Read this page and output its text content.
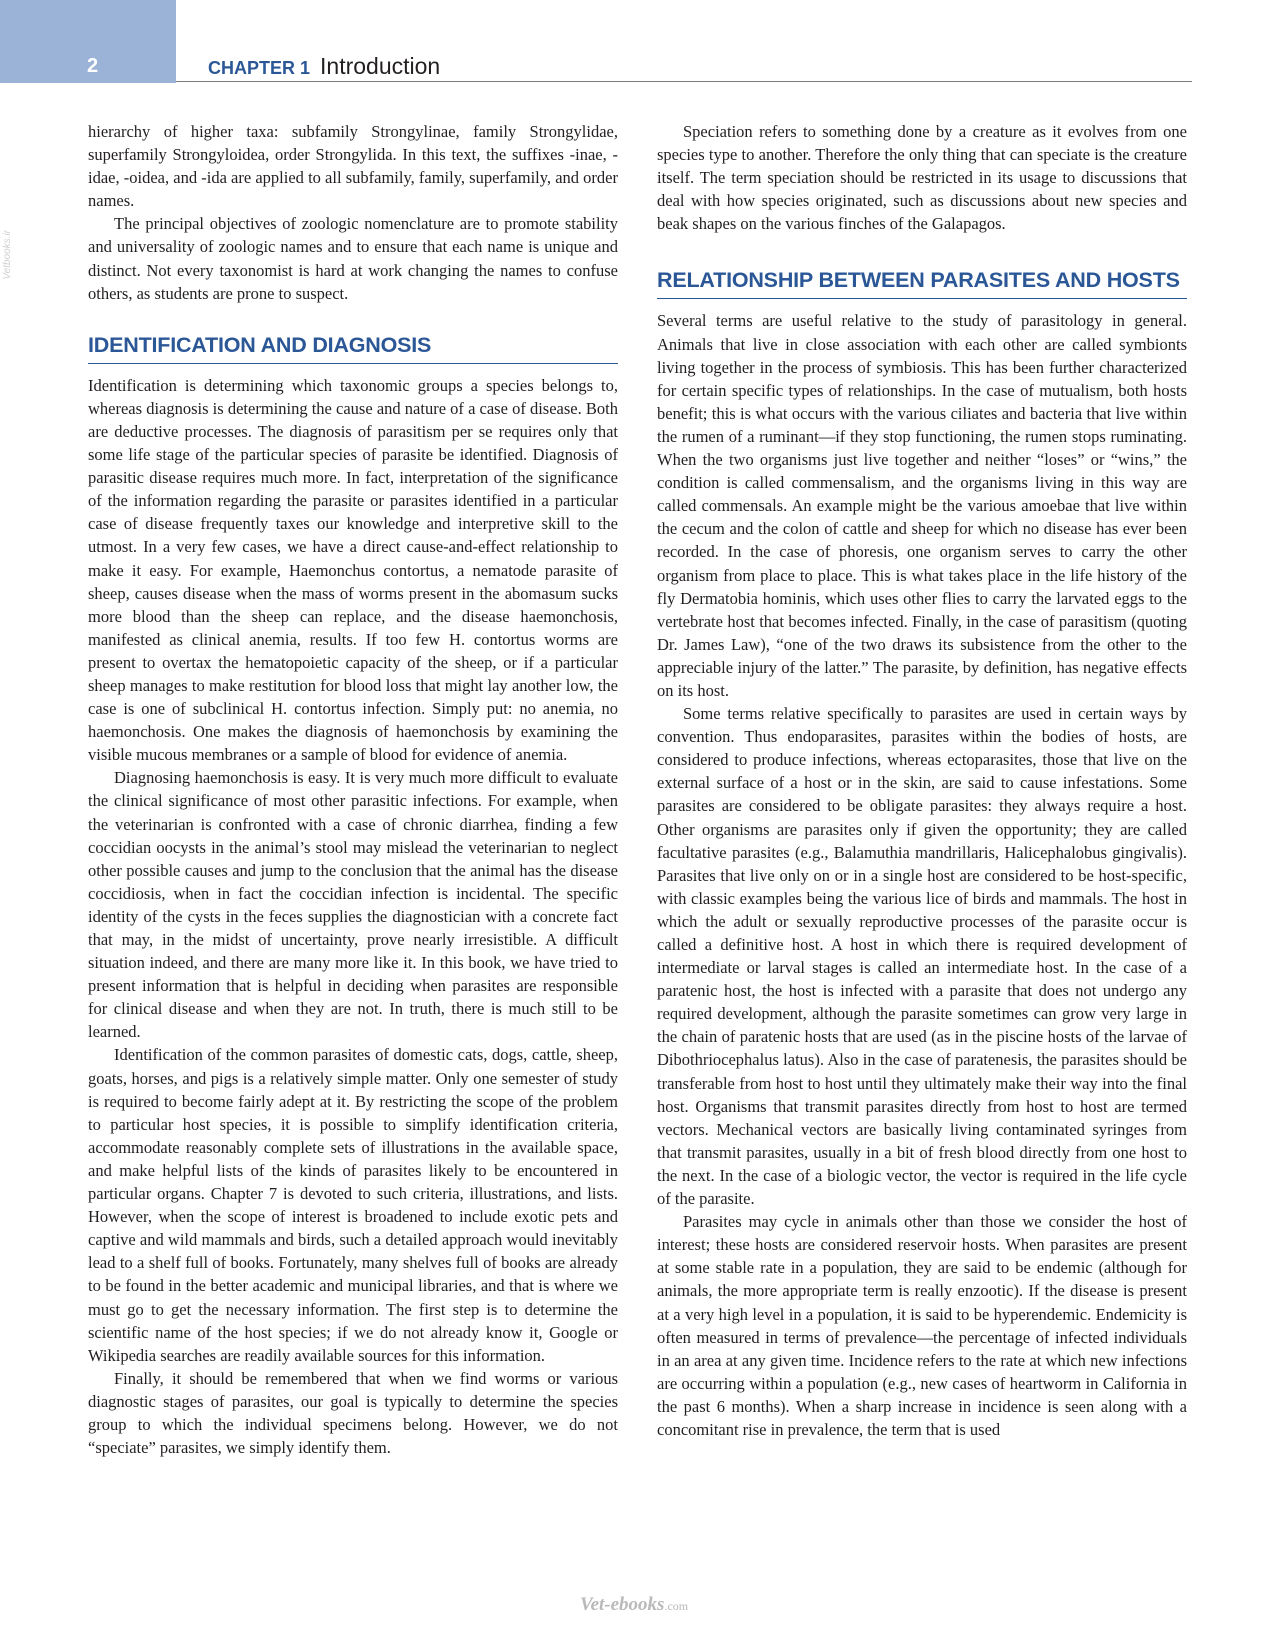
2	CHAPTER 1 Introduction
Vetbooks.ir

hierarchy of higher taxa: subfamily Strongylinae, family Strongylidae, superfamily Strongyloidea, order Strongylida. In this text, the suffixes -inae, -idae, -oidea, and -ida are applied to all subfamily, family, superfamily, and order names.

The principal objectives of zoologic nomenclature are to promote stability and universality of zoologic names and to ensure that each name is unique and distinct. Not every taxonomist is hard at work changing the names to confuse others, as students are prone to suspect.

IDENTIFICATION AND DIAGNOSIS

Identification is determining which taxonomic groups a species belongs to, whereas diagnosis is determining the cause and nature of a case of disease. Both are deductive processes. The diagnosis of parasitism per se requires only that some life stage of the particular species of parasite be identified. Diagnosis of parasitic disease requires much more. In fact, interpretation of the significance of the information regarding the parasite or parasites identified in a particular case of disease frequently taxes our knowledge and interpretive skill to the utmost. In a very few cases, we have a direct cause-and-effect relationship to make it easy. For example, Haemonchus contortus, a nematode parasite of sheep, causes disease when the mass of worms present in the abomasum sucks more blood than the sheep can replace, and the disease haemonchosis, manifested as clinical anemia, results. If too few H. contortus worms are present to overtax the hematopoietic capacity of the sheep, or if a particular sheep manages to make restitution for blood loss that might lay another low, the case is one of subclinical H. contortus infection. Simply put: no anemia, no haemonchosis. One makes the diagnosis of haemonchosis by examining the visible mucous membranes or a sample of blood for evidence of anemia.

Diagnosing haemonchosis is easy. It is very much more difficult to evaluate the clinical significance of most other parasitic infections. For example, when the veterinarian is confronted with a case of chronic diarrhea, finding a few coccidian oocysts in the animal’s stool may mislead the veterinarian to neglect other possible causes and jump to the conclusion that the animal has the disease coccidiosis, when in fact the coccidian infection is incidental. The specific identity of the cysts in the feces supplies the diagnostician with a concrete fact that may, in the midst of uncertainty, prove nearly irresistible. A difficult situation indeed, and there are many more like it. In this book, we have tried to present information that is helpful in deciding when parasites are responsible for clinical disease and when they are not. In truth, there is much still to be learned.

Identification of the common parasites of domestic cats, dogs, cattle, sheep, goats, horses, and pigs is a relatively simple matter. Only one semester of study is required to become fairly adept at it. By restricting the scope of the problem to particular host species, it is possible to simplify identification criteria, accommodate reasonably complete sets of illustrations in the available space, and make helpful lists of the kinds of parasites likely to be encountered in particular organs. Chapter 7 is devoted to such criteria, illustrations, and lists. However, when the scope of interest is broadened to include exotic pets and captive and wild mammals and birds, such a detailed approach would inevitably lead to a shelf full of books. Fortunately, many shelves full of books are already to be found in the better academic and municipal libraries, and that is where we must go to get the necessary information. The first step is to determine the scientific name of the host species; if we do not already know it, Google or Wikipedia searches are readily available sources for this information.

Finally, it should be remembered that when we find worms or various diagnostic stages of parasites, our goal is typically to determine the species group to which the individual specimens belong. However, we do not “speciate” parasites, we simply identify them.

Speciation refers to something done by a creature as it evolves from one species type to another. Therefore the only thing that can speciate is the creature itself. The term speciation should be restricted in its usage to discussions that deal with how species originated, such as discussions about new species and beak shapes on the various finches of the Galapagos.

RELATIONSHIP BETWEEN PARASITES AND HOSTS

Several terms are useful relative to the study of parasitology in general. Animals that live in close association with each other are called symbionts living together in the process of symbiosis. This has been further characterized for certain specific types of relationships. In the case of mutualism, both hosts benefit; this is what occurs with the various ciliates and bacteria that live within the rumen of a ruminant—if they stop functioning, the rumen stops ruminating. When the two organisms just live together and neither “loses” or “wins,” the condition is called commensalism, and the organisms living in this way are called commensals. An example might be the various amoebae that live within the cecum and the colon of cattle and sheep for which no disease has ever been recorded. In the case of phoresis, one organism serves to carry the other organism from place to place. This is what takes place in the life history of the fly Dermatobia hominis, which uses other flies to carry the larvated eggs to the vertebrate host that becomes infected. Finally, in the case of parasitism (quoting Dr. James Law), “one of the two draws its subsistence from the other to the appreciable injury of the latter.” The parasite, by definition, has negative effects on its host.

Some terms relative specifically to parasites are used in certain ways by convention. Thus endoparasites, parasites within the bodies of hosts, are considered to produce infections, whereas ectoparasites, those that live on the external surface of a host or in the skin, are said to cause infestations. Some parasites are considered to be obligate parasites: they always require a host. Other organisms are parasites only if given the opportunity; they are called facultative parasites (e.g., Balamuthia mandrillaris, Halicephalobus gingivalis). Parasites that live only on or in a single host are considered to be host-specific, with classic examples being the various lice of birds and mammals. The host in which the adult or sexually reproductive processes of the parasite occur is called a definitive host. A host in which there is required development of intermediate or larval stages is called an intermediate host. In the case of a paratenic host, the host is infected with a parasite that does not undergo any required development, although the parasite sometimes can grow very large in the chain of paratenic hosts that are used (as in the piscine hosts of the larvae of Dibothriocephalus latus). Also in the case of paratenesis, the parasites should be transferable from host to host until they ultimately make their way into the final host. Organisms that transmit parasites directly from host to host are termed vectors. Mechanical vectors are basically living contaminated syringes from that transmit parasites, usually in a bit of fresh blood directly from one host to the next. In the case of a biologic vector, the vector is required in the life cycle of the parasite.

Parasites may cycle in animals other than those we consider the host of interest; these hosts are considered reservoir hosts. When parasites are present at some stable rate in a population, they are said to be endemic (although for animals, the more appropriate term is really enzootic). If the disease is present at a very high level in a population, it is said to be hyperendemic. Endemicity is often measured in terms of prevalence—the percentage of infected individuals in an area at any given time. Incidence refers to the rate at which new infections are occurring within a population (e.g., new cases of heartworm in California in the past 6 months). When a sharp increase in incidence is seen along with a concomitant rise in prevalence, the term that is used

Vet-ebooks.com
